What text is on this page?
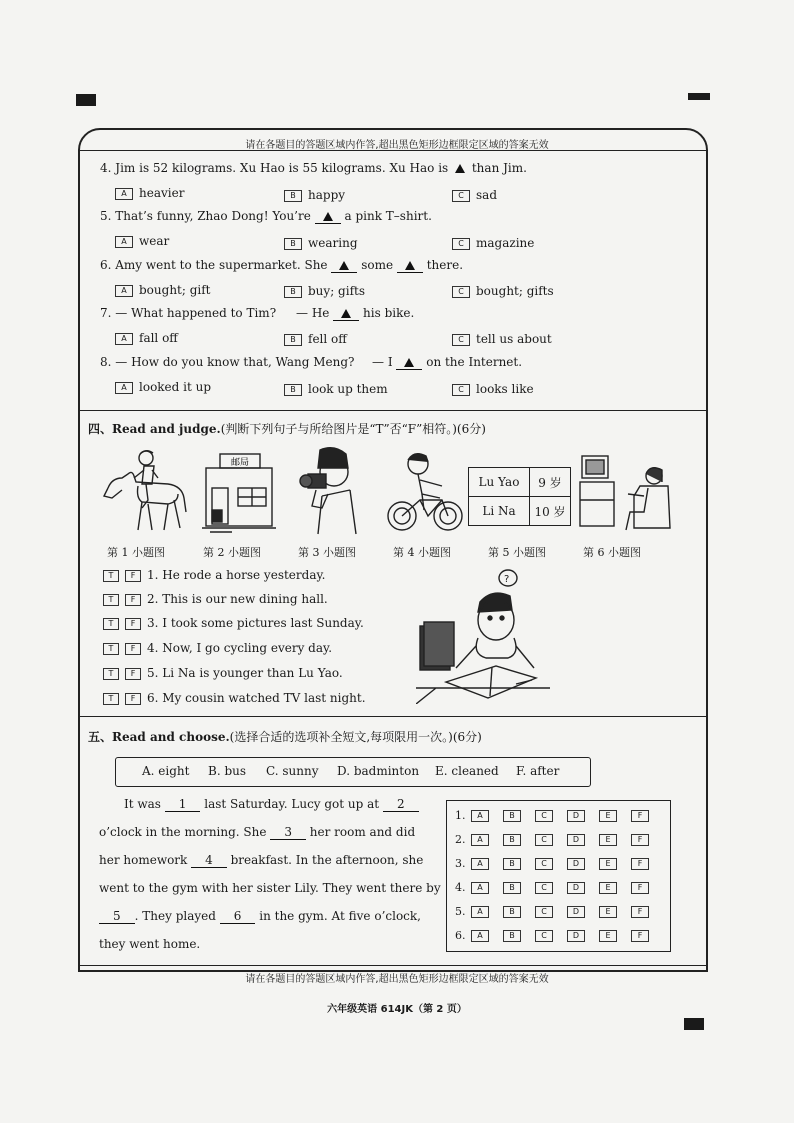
请在各题目的答题区域内作答,超出黑色矩形边框限定区域的答案无效
请在各题目的答题区域内作答,超出黑色矩形边框限定区域的答案无效
六年级英语 614JK（第 2 页）
4. Jim is 52 kilograms. Xu Hao is 55 kilograms. Xu Hao is than Jim.
A heavier	B happy	C sad
5. That’s funny, Zhao Dong! You’re	a pink T–shirt.
A wear	B wearing	C magazine
6. Amy went to the supermarket. She	some	there.
A bought; gift	B buy; gifts	C bought; gifts
7. — What happened to Tim? — He	his bike.
A fall off	B fell off	C tell us about
8. — How do you know that, Wang Meng? — I	on the Internet.
A looked it up	B look up them	C looks like
四、Read and judge.(判断下列句子与所给图片是“T”否“F”相符。)(6分)
邮局
Lu Yao	9 岁
Li Na	10 岁
第 1 小题图	第 2 小题图	第 3 小题图	第 4 小题图	第 5 小题图	第 6 小题图
T F 1. He rode a horse yesterday.
T F 2. This is our new dining hall.
T F 3. I took some pictures last Sunday.
T F 4. Now, I go cycling every day.
T F 5. Li Na is younger than Lu Yao.
T F 6. My cousin watched TV last night.
?
五、Read and choose.(选择合适的选项补全短文,每项限用一次。)(6分)
A. eight B. bus C. sunny D. badminton E. cleaned F. after
It was 1 last Saturday. Lucy got up at 2
o’clock in the morning. She 3 her room and did
her homework 4 breakfast. In the afternoon, she
went to the gym with her sister Lily. They went there by
5 . They played 6 in the gym. At five o’clock,
they went home.
1. A	B	C	D	E	F
2. A	B	C	D	E	F
3. A	B	C	D	E	F
4. A	B	C	D	E	F
5. A	B	C	D	E	F
6. A	B	C	D	E	F
